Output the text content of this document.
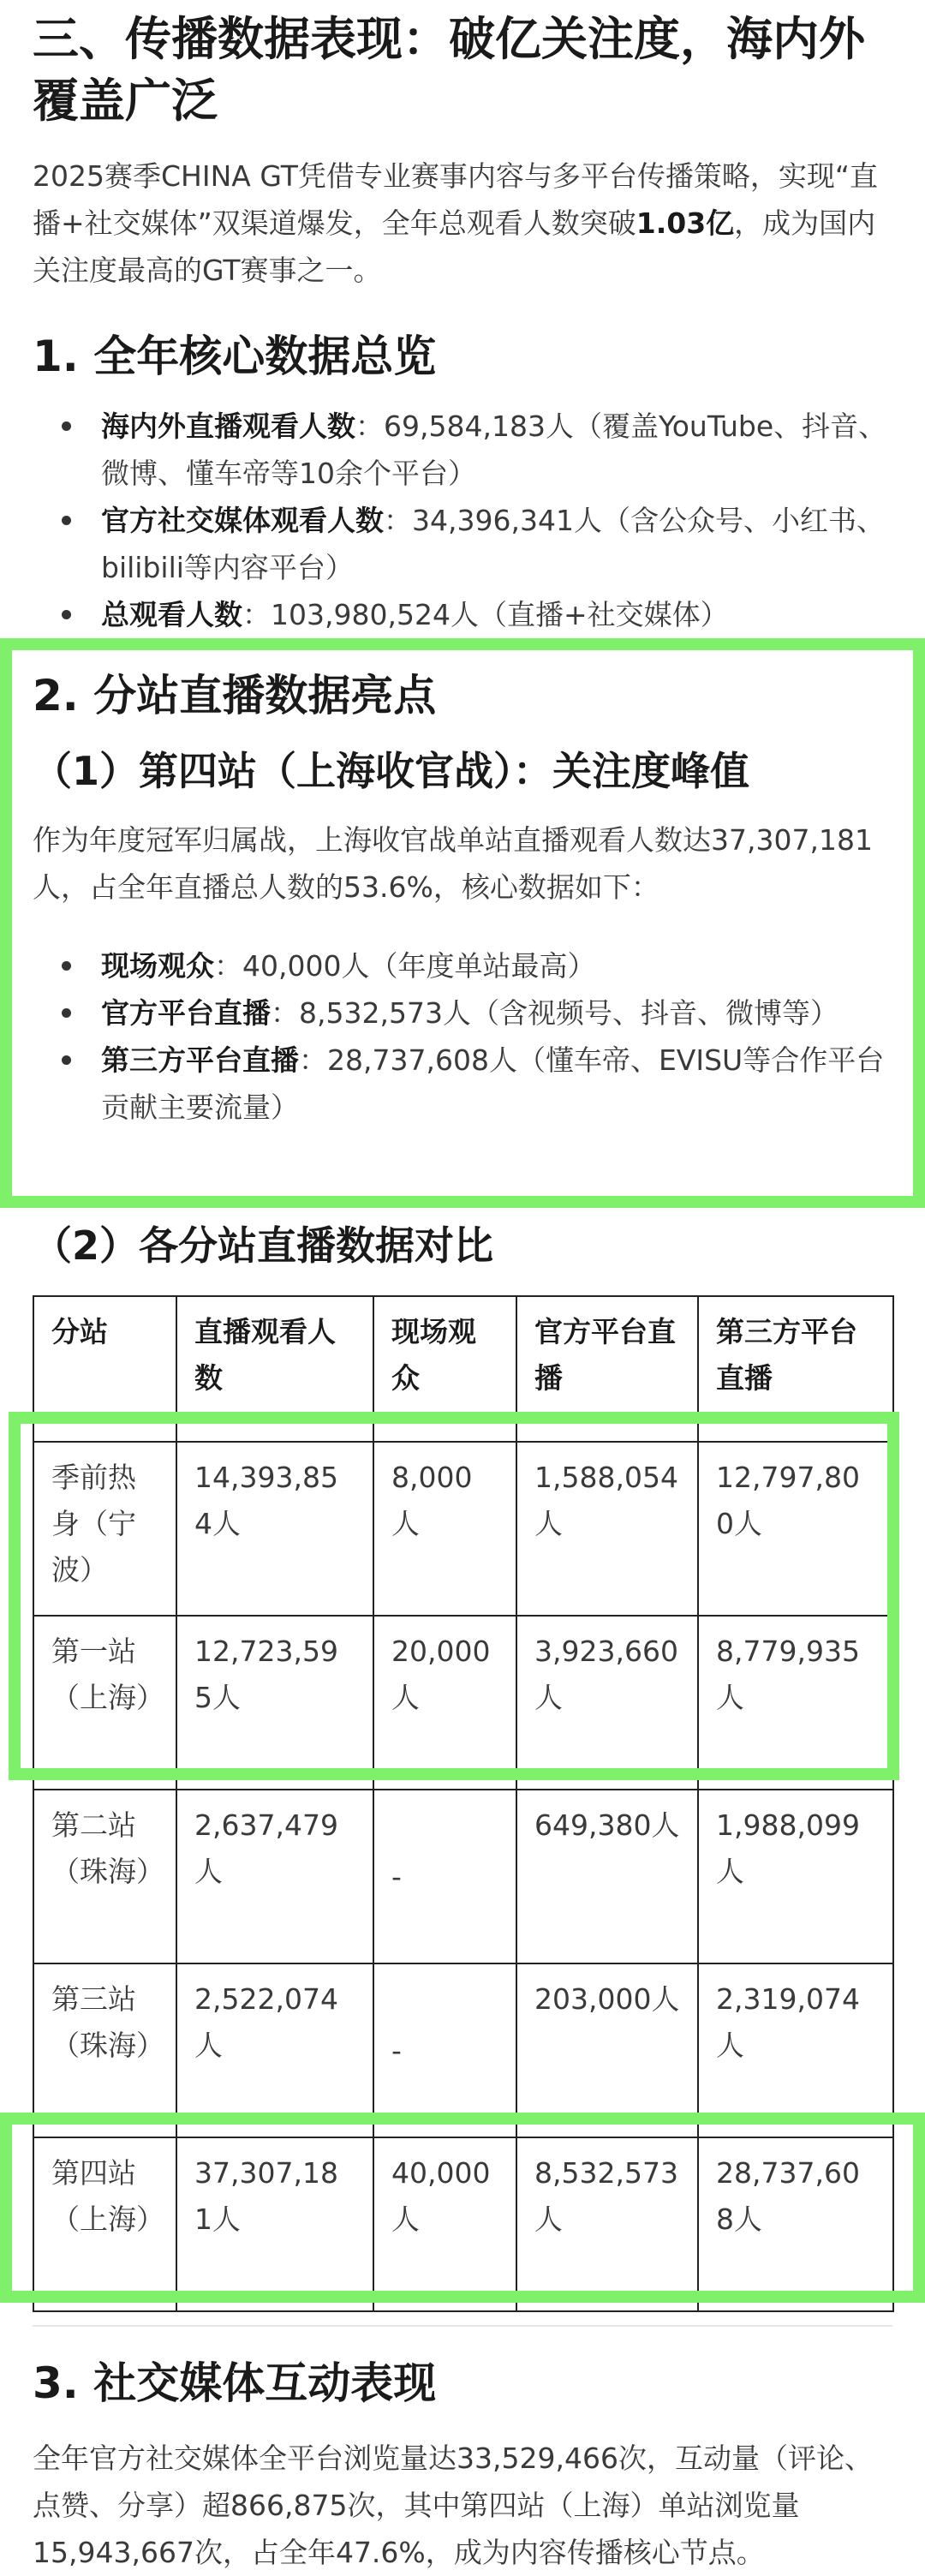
三、传播数据表现：破亿关注度，海内外覆盖广泛

2025赛季CHINA GT凭借专业赛事内容与多平台传播策略，实现“直播+社交媒体”双渠道爆发，全年总观看人数突破1.03亿，成为国内关注度最高的GT赛事之一。

1. 全年核心数据总览
海内外直播观看人数：69,584,183人（覆盖YouTube、抖音、微博、懂车帝等10余个平台）
官方社交媒体观看人数：34,396,341人（含公众号、小红书、bilibili等内容平台）
总观看人数：103,980,524人（直播+社交媒体）
2. 分站直播数据亮点
（1）第四站（上海收官战）：关注度峰值

作为年度冠军归属战，上海收官战单站直播观看人数达37,307,181人，占全年直播总人数的53.6%，核心数据如下：

现场观众：40,000人（年度单站最高）
官方平台直播：8,532,573人（含视频号、抖音、微博等）
第三方平台直播：28,737,608人（懂车帝、EVISU等合作平台贡献主要流量）
（2）各分站直播数据对比
分站	直播观看人数	现场观众	官方平台直播	第三方平台直播
季前热身（宁波）	14,393,854人	8,000人	1,588,054人	12,797,800人
第一站（上海）	12,723,595人	20,000人	3,923,660人	8,779,935人
第二站（珠海）	2,637,479人	-	649,380人	1,988,099人
第三站（珠海）	2,522,074人	-	203,000人	2,319,074人
第四站（上海）	37,307,181人	40,000人	8,532,573人	28,737,608人
3. 社交媒体互动表现

全年官方社交媒体全平台浏览量达33,529,466次，互动量（评论、点赞、分享）超866,875次，其中第四站（上海）单站浏览量15,943,667次，占全年47.6%，成为内容传播核心节点。
